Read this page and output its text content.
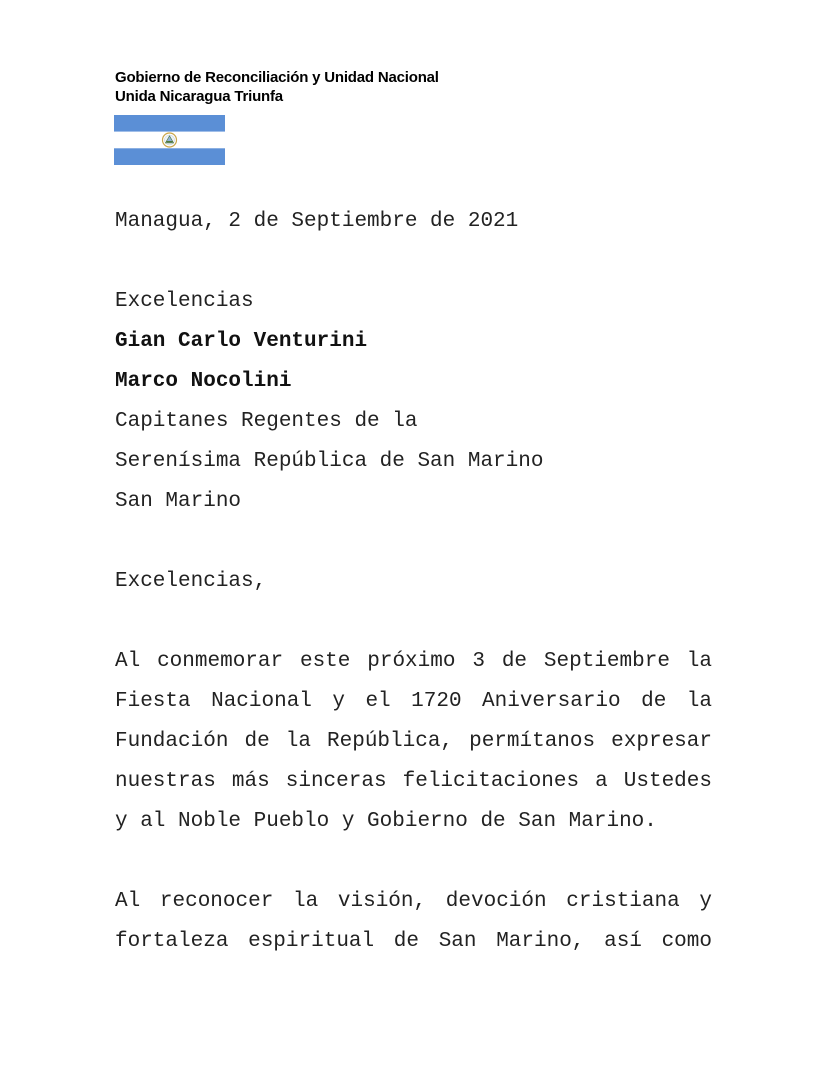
Gobierno de Reconciliación y Unidad Nacional
Unida Nicaragua Triunfa
Managua, 2 de Septiembre de 2021
Excelencias
Gian Carlo Venturini
Marco Nocolini
Capitanes Regentes de la
Serenísima República de San Marino
San Marino
Excelencias,
Al conmemorar este próximo 3 de Septiembre la
Fiesta Nacional y el 1720 Aniversario de la
Fundación de la República, permítanos expresar
nuestras más sinceras felicitaciones a Ustedes
y al Noble Pueblo y Gobierno de San Marino.
Al reconocer la visión, devoción cristiana y
fortaleza espiritual de San Marino, así como
